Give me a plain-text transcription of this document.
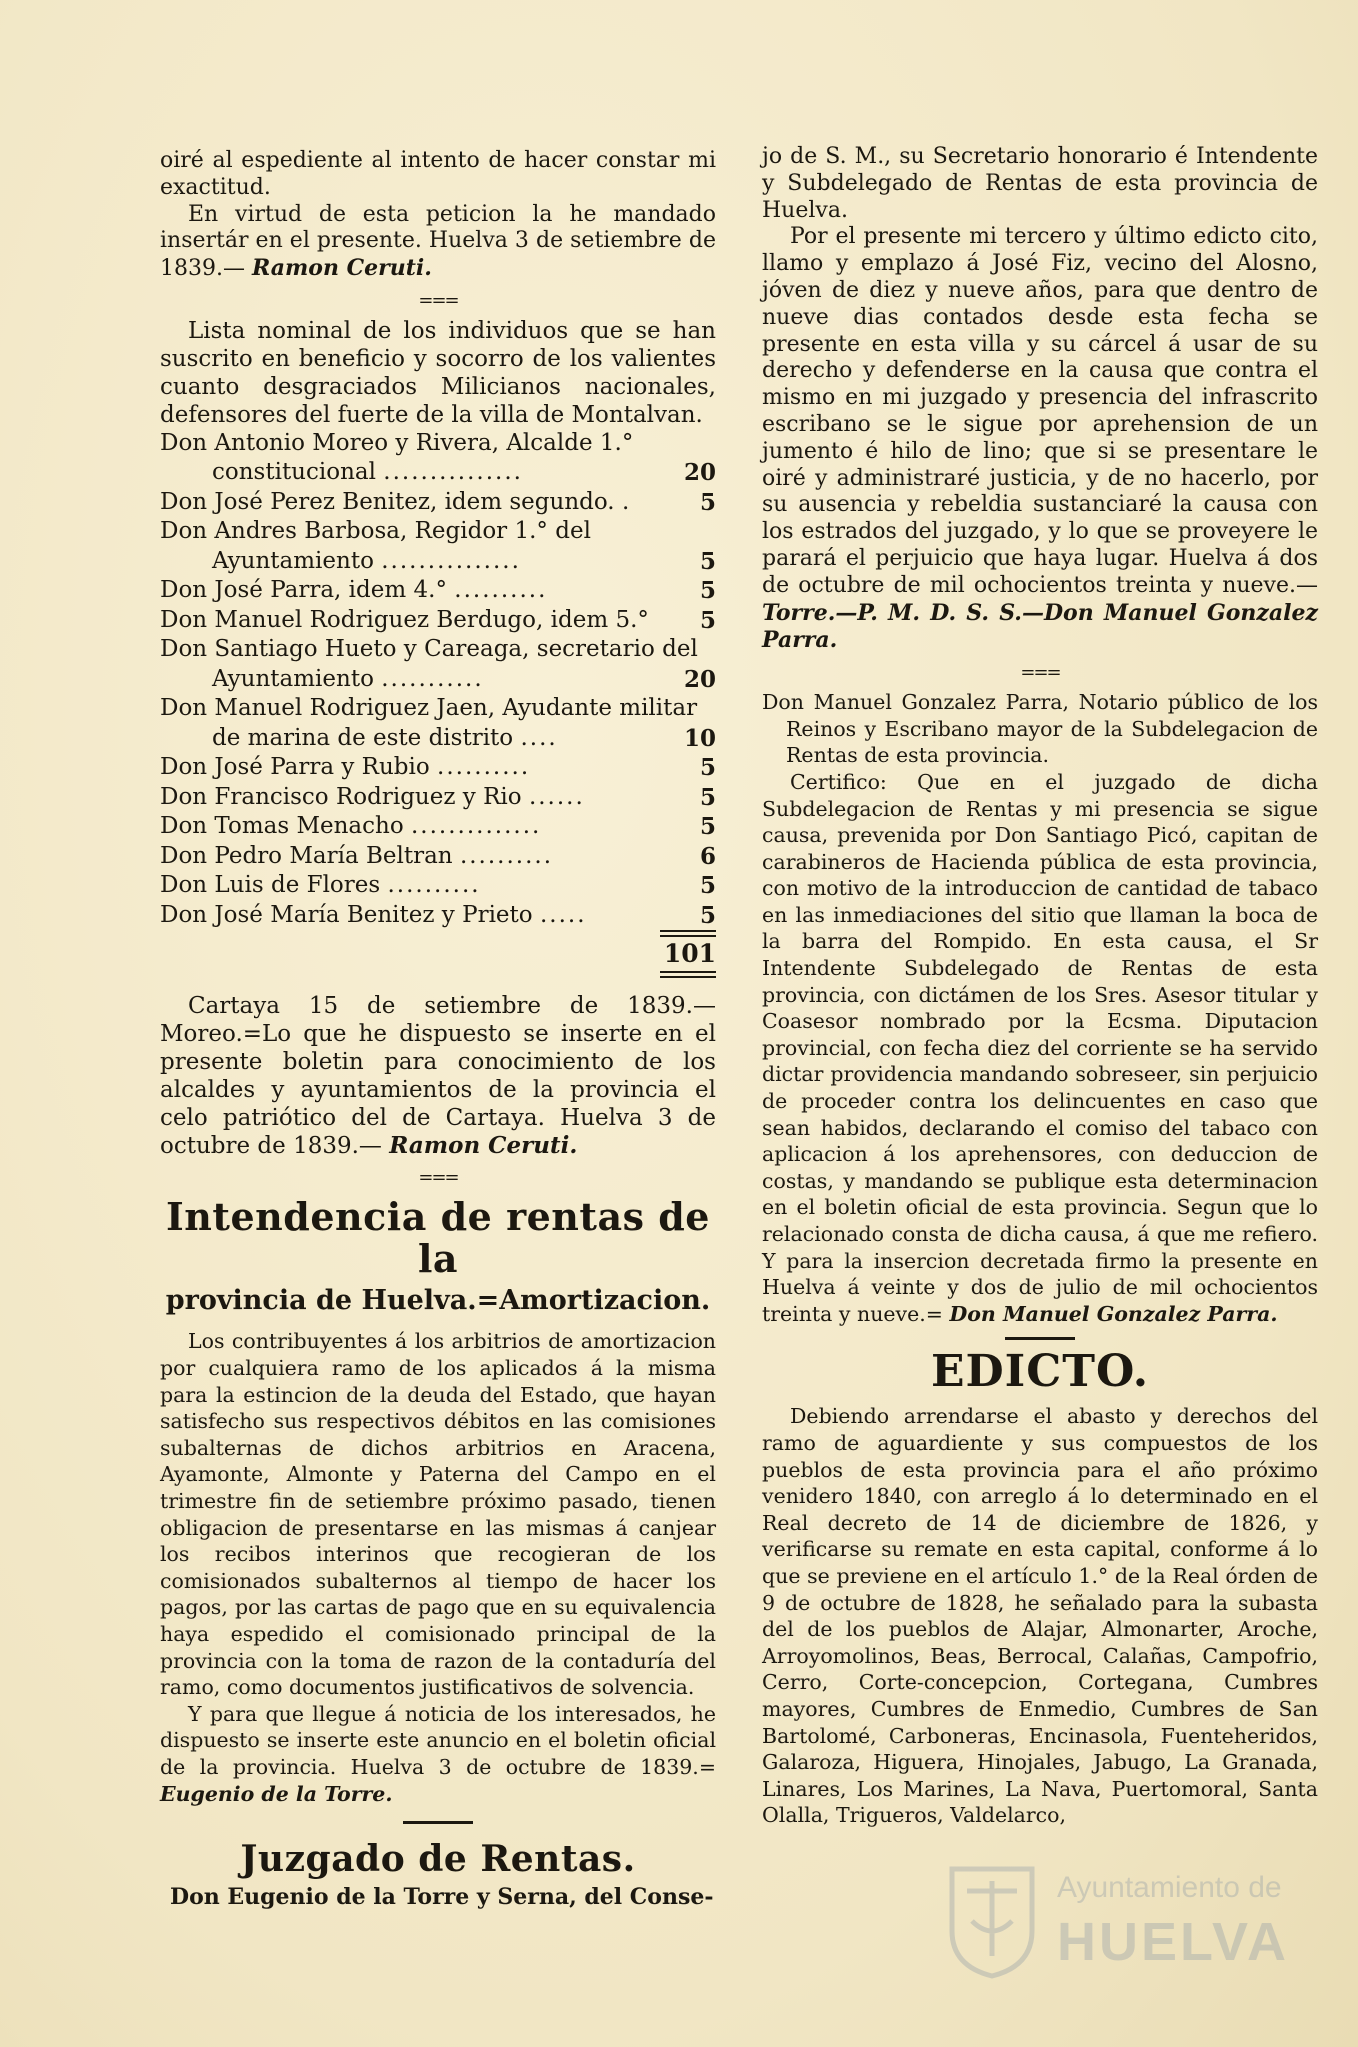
oiré al espediente al intento de hacer constar mi exactitud.

En virtud de esta peticion la he mandado insertár en el presente. Huelva 3 de setiembre de 1839.— Ramon Ceruti.

===

Lista nominal de los individuos que se han suscrito en beneficio y socorro de los valientes cuanto desgraciados Milicianos nacionales, defensores del fuerte de la villa de Montalvan.

Don Antonio Moreo y Rivera, Alcalde 1.° constitucional ...............	20
Don José Perez Benitez, idem segundo. .	5
Don Andres Barbosa, Regidor 1.° del Ayuntamiento ...............	5
Don José Parra, idem 4.° ..........	5
Don Manuel Rodriguez Berdugo, idem 5.°	5
Don Santiago Hueto y Careaga, secretario del Ayuntamiento ...........	20
Don Manuel Rodriguez Jaen, Ayudante militar de marina de este distrito ....	10
Don José Parra y Rubio ..........	5
Don Francisco Rodriguez y Rio ......	5
Don Tomas Menacho ..............	5
Don Pedro María Beltran ..........	6
Don Luis de Flores ..........	5
Don José María Benitez y Prieto .....	5

101

Cartaya 15 de setiembre de 1839.— Moreo.=Lo que he dispuesto se inserte en el presente boletin para conocimiento de los alcaldes y ayuntamientos de la provincia el celo patriótico del de Cartaya. Huelva 3 de octubre de 1839.— Ramon Ceruti.

===
Intendencia de rentas de la
provincia de Huelva.=Amortizacion.

Los contribuyentes á los arbitrios de amortizacion por cualquiera ramo de los aplicados á la misma para la estincion de la deuda del Estado, que hayan satisfecho sus respectivos débitos en las comisiones subalternas de dichos arbitrios en Aracena, Ayamonte, Almonte y Paterna del Campo en el trimestre fin de setiembre próximo pasado, tienen obligacion de presentarse en las mismas á canjear los recibos interinos que recogieran de los comisionados subalternos al tiempo de hacer los pagos, por las cartas de pago que en su equivalencia haya espedido el comisionado principal de la provincia con la toma de razon de la contaduría del ramo, como documentos justificativos de solvencia.

Y para que llegue á noticia de los interesados, he dispuesto se inserte este anuncio en el boletin oficial de la provincia. Huelva 3 de octubre de 1839.= Eugenio de la Torre.

Juzgado de Rentas.

Don Eugenio de la Torre y Serna, del Conse-

jo de S. M., su Secretario honorario é Intendente y Subdelegado de Rentas de esta provincia de Huelva.

Por el presente mi tercero y último edicto cito, llamo y emplazo á José Fiz, vecino del Alosno, jóven de diez y nueve años, para que dentro de nueve dias contados desde esta fecha se presente en esta villa y su cárcel á usar de su derecho y defenderse en la causa que contra el mismo en mi juzgado y presencia del infrascrito escribano se le sigue por aprehension de un jumento é hilo de lino; que si se presentare le oiré y administraré justicia, y de no hacerlo, por su ausencia y rebeldia sustanciaré la causa con los estrados del juzgado, y lo que se proveyere le parará el perjuicio que haya lugar. Huelva á dos de octubre de mil ochocientos treinta y nueve.— Torre.—P. M. D. S. S.—Don Manuel Gonzalez Parra.

===

Don Manuel Gonzalez Parra, Notario público de los Reinos y Escribano mayor de la Subdelegacion de Rentas de esta provincia.

Certifico: Que en el juzgado de dicha Subdelegacion de Rentas y mi presencia se sigue causa, prevenida por Don Santiago Picó, capitan de carabineros de Hacienda pública de esta provincia, con motivo de la introduccion de cantidad de tabaco en las inmediaciones del sitio que llaman la boca de la barra del Rompido. En esta causa, el Sr Intendente Subdelegado de Rentas de esta provincia, con dictámen de los Sres. Asesor titular y Coasesor nombrado por la Ecsma. Diputacion provincial, con fecha diez del corriente se ha servido dictar providencia mandando sobreseer, sin perjuicio de proceder contra los delincuentes en caso que sean habidos, declarando el comiso del tabaco con aplicacion á los aprehensores, con deduccion de costas, y mandando se publique esta determinacion en el boletin oficial de esta provincia. Segun que lo relacionado consta de dicha causa, á que me refiero. Y para la insercion decretada firmo la presente en Huelva á veinte y dos de julio de mil ochocientos treinta y nueve.= Don Manuel Gonzalez Parra.

EDICTO.

Debiendo arrendarse el abasto y derechos del ramo de aguardiente y sus compuestos de los pueblos de esta provincia para el año próximo venidero 1840, con arreglo á lo determinado en el Real decreto de 14 de diciembre de 1826, y verificarse su remate en esta capital, conforme á lo que se previene en el artículo 1.° de la Real órden de 9 de octubre de 1828, he señalado para la subasta del de los pueblos de Alajar, Almonarter, Aroche, Arroyomolinos, Beas, Berrocal, Calañas, Campofrio, Cerro, Corte-concepcion, Cortegana, Cumbres mayores, Cumbres de Enmedio, Cumbres de San Bartolomé, Carboneras, Encinasola, Fuenteheridos, Galaroza, Higuera, Hinojales, Jabugo, La Granada, Linares, Los Marines, La Nava, Puertomoral, Santa Olalla, Trigueros, Valdelarco,

Ayuntamiento de
HUELVA
